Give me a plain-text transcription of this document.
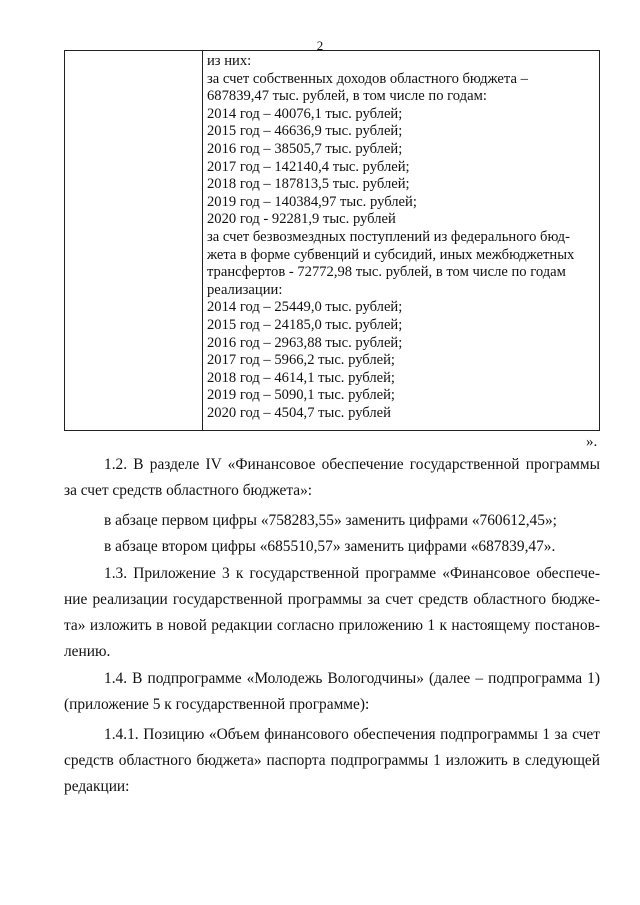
2
из них:
за счет собственных доходов областного бюджета –
687839,47 тыс. рублей, в том числе по годам:
2014 год – 40076,1 тыс. рублей;
2015 год – 46636,9 тыс. рублей;
2016 год – 38505,7 тыс. рублей;
2017 год – 142140,4 тыс. рублей;
2018 год – 187813,5 тыс. рублей;
2019 год – 140384,97 тыс. рублей;
2020 год - 92281,9 тыс. рублей
за счет безвозмездных поступлений из федерального бюд-
жета в форме субвенций и субсидий, иных межбюджетных
трансфертов - 72772,98 тыс. рублей, в том числе по годам
реализации:
2014 год – 25449,0 тыс. рублей;
2015 год – 24185,0 тыс. рублей;
2016 год – 2963,88 тыс. рублей;
2017 год – 5966,2 тыс. рублей;
2018 год – 4614,1 тыс. рублей;
2019 год – 5090,1 тыс. рублей;
2020 год – 4504,7 тыс. рублей
».
1.2. В разделе IV «Финансовое обеспечение государственной программы
за счет средств областного бюджета»:
в абзаце первом цифры «758283,55» заменить цифрами «760612,45»;
в абзаце втором цифры «685510,57» заменить цифрами «687839,47».
1.3. Приложение 3 к государственной программе «Финансовое обеспече-
ние реализации государственной программы за счет средств областного бюдже-
та» изложить в новой редакции согласно приложению 1 к настоящему постанов-
лению.
1.4. В подпрограмме «Молодежь Вологодчины» (далее – подпрограмма 1)
(приложение 5 к государственной программе):
1.4.1. Позицию «Объем финансового обеспечения подпрограммы 1 за счет
средств областного бюджета» паспорта подпрограммы 1 изложить в следующей
редакции:
